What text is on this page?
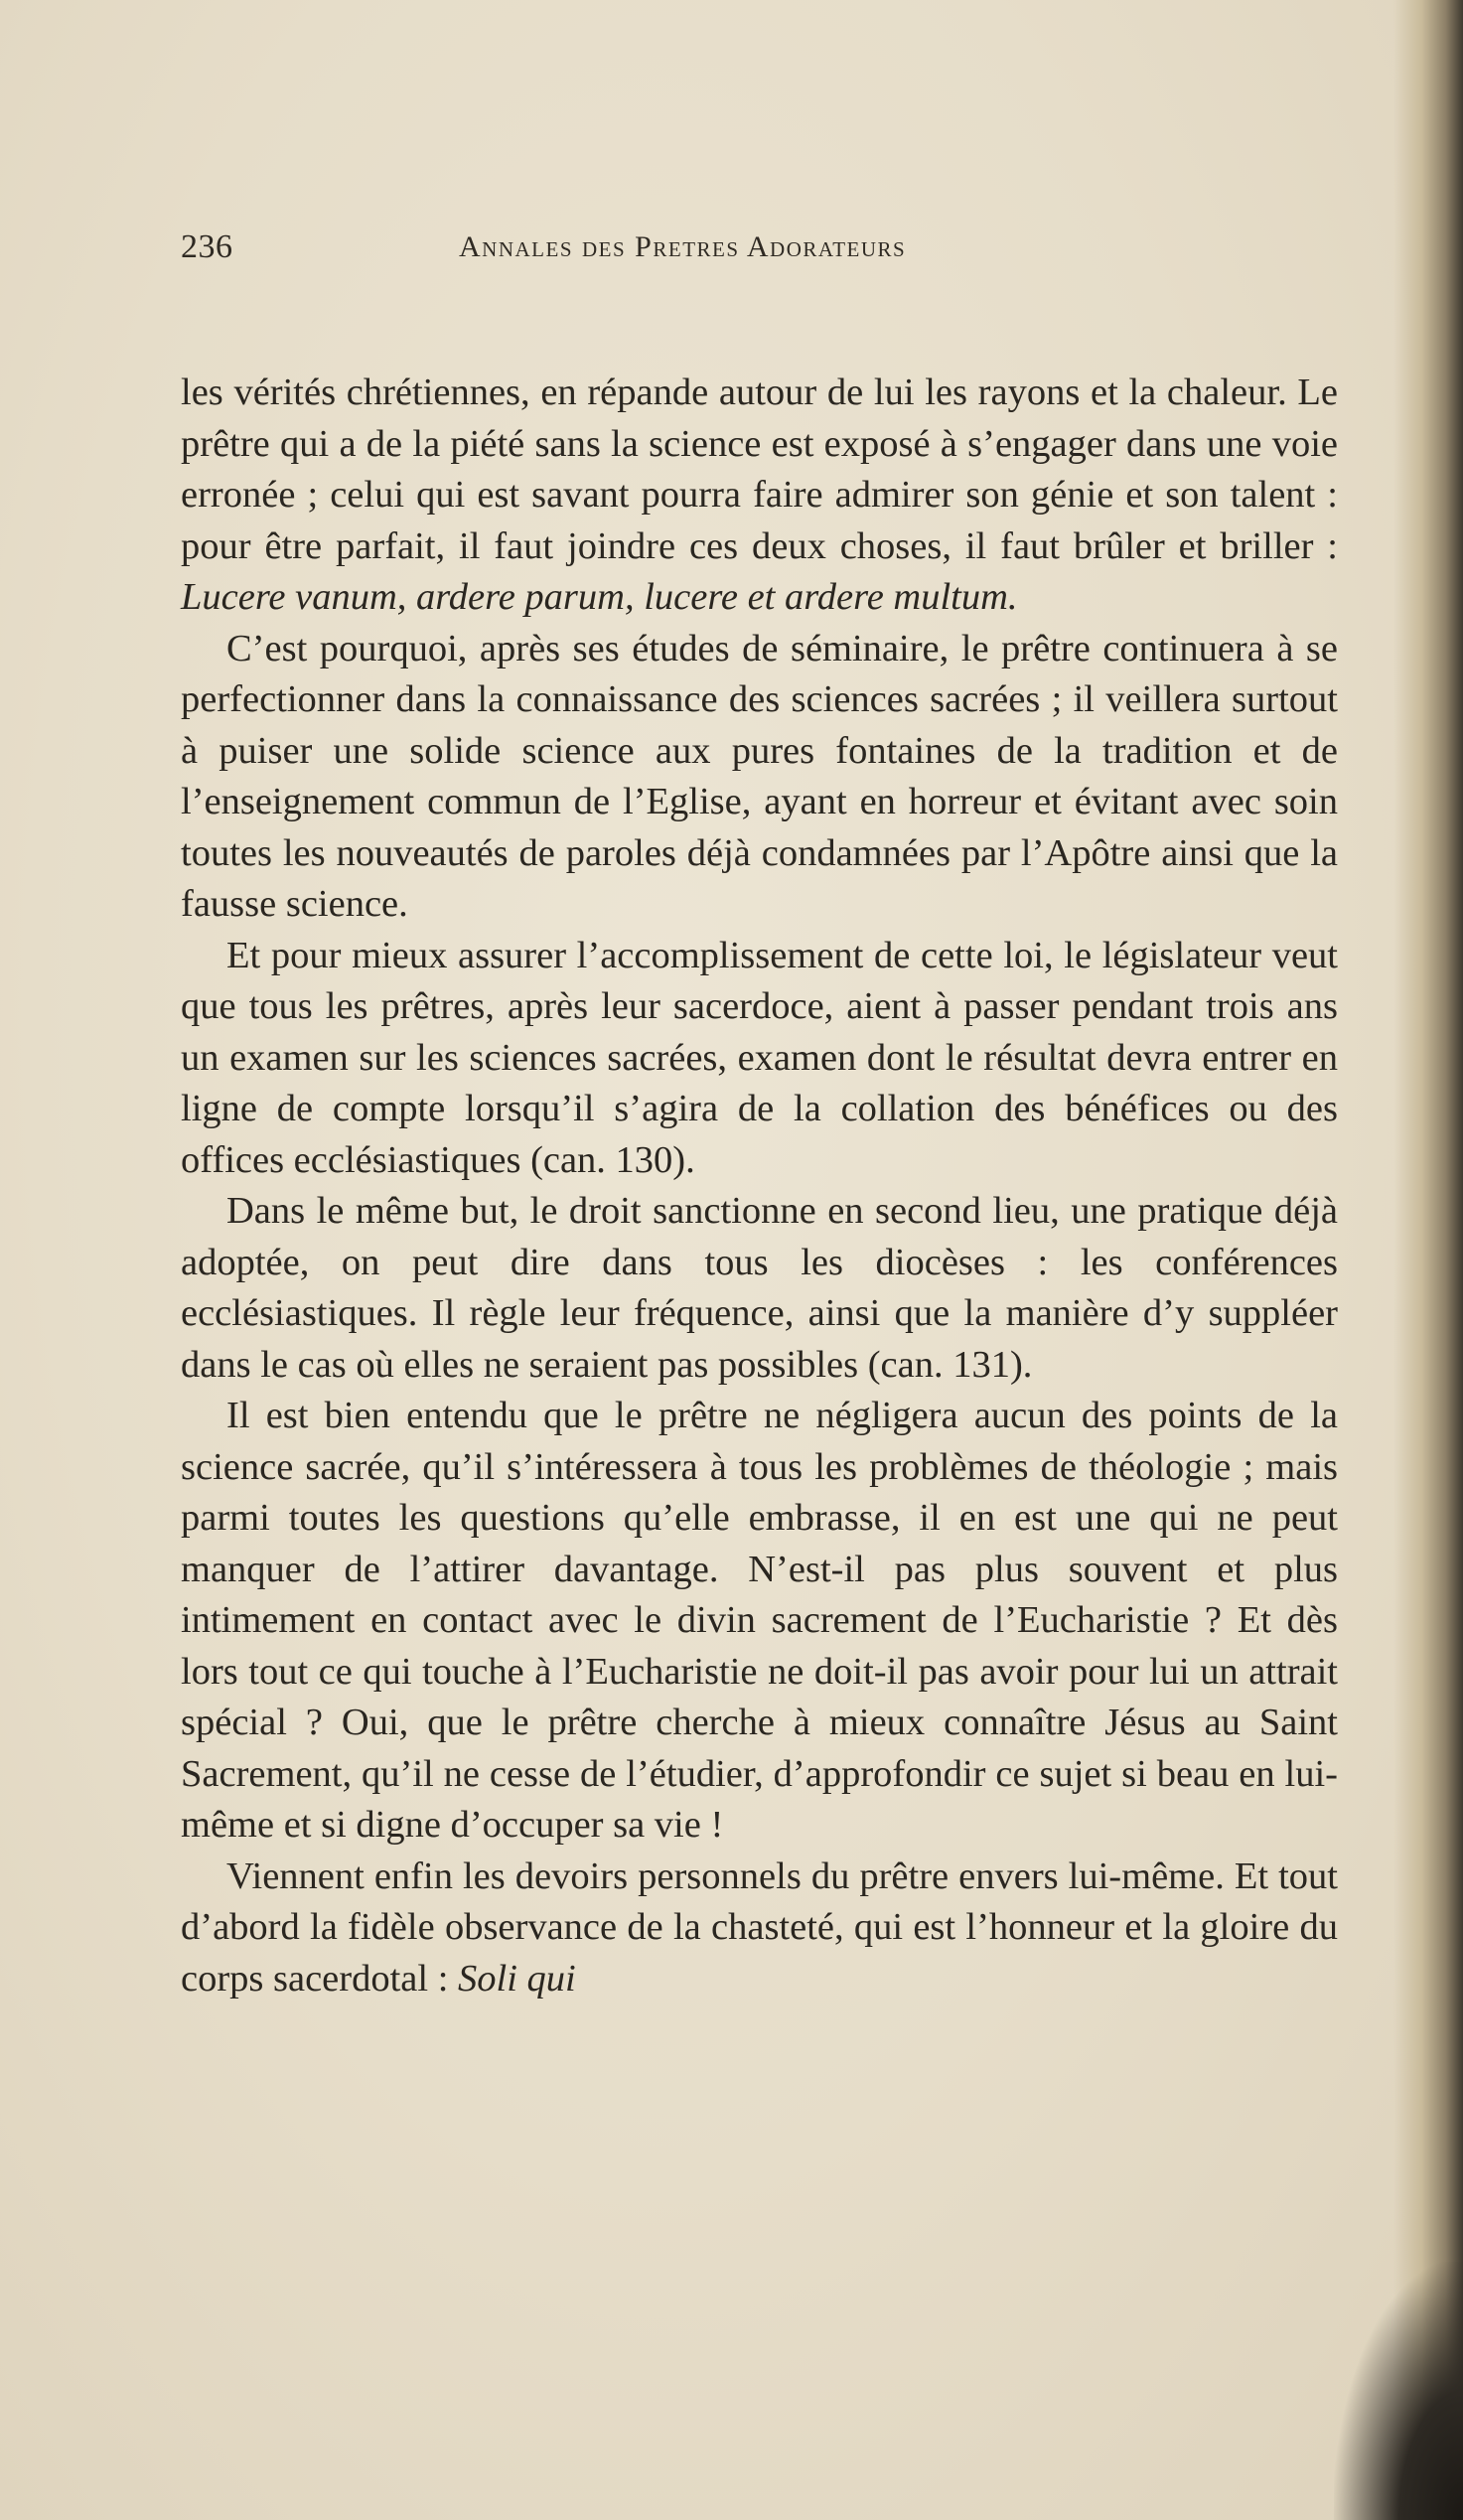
236	Annales des Pretres Adorateurs

les vérités chrétiennes, en répande autour de lui les rayons et la chaleur. Le prêtre qui a de la piété sans la science est exposé à s’engager dans une voie erronée ; celui qui est savant pourra faire admirer son génie et son talent : pour être parfait, il faut joindre ces deux choses, il faut brûler et briller : Lucere vanum, ardere parum, lucere et ardere multum.

C’est pourquoi, après ses études de séminaire, le prêtre continuera à se perfectionner dans la connaissance des sciences sacrées ; il veillera surtout à puiser une solide science aux pures fontaines de la tradition et de l’enseignement commun de l’Eglise, ayant en horreur et évitant avec soin toutes les nouveautés de paroles déjà condamnées par l’Apôtre ainsi que la fausse science.

Et pour mieux assurer l’accomplissement de cette loi, le législateur veut que tous les prêtres, après leur sacerdoce, aient à passer pendant trois ans un examen sur les sciences sacrées, examen dont le résultat devra entrer en ligne de compte lorsqu’il s’agira de la collation des bénéfices ou des offices ecclésiastiques (can. 130).

Dans le même but, le droit sanctionne en second lieu, une pratique déjà adoptée, on peut dire dans tous les diocèses : les conférences ecclésiastiques. Il règle leur fréquence, ainsi que la manière d’y suppléer dans le cas où elles ne seraient pas possibles (can. 131).

Il est bien entendu que le prêtre ne négligera aucun des points de la science sacrée, qu’il s’intéressera à tous les problèmes de théologie ; mais parmi toutes les questions qu’elle embrasse, il en est une qui ne peut manquer de l’attirer davantage. N’est-il pas plus souvent et plus intimement en contact avec le divin sacrement de l’Eucharistie ? Et dès lors tout ce qui touche à l’Eucharistie ne doit-il pas avoir pour lui un attrait spécial ? Oui, que le prêtre cherche à mieux connaître Jésus au Saint Sacrement, qu’il ne cesse de l’étudier, d’approfondir ce sujet si beau en lui-même et si digne d’occuper sa vie !

Viennent enfin les devoirs personnels du prêtre envers lui-même. Et tout d’abord la fidèle observance de la chasteté, qui est l’honneur et la gloire du corps sacerdotal : Soli qui
